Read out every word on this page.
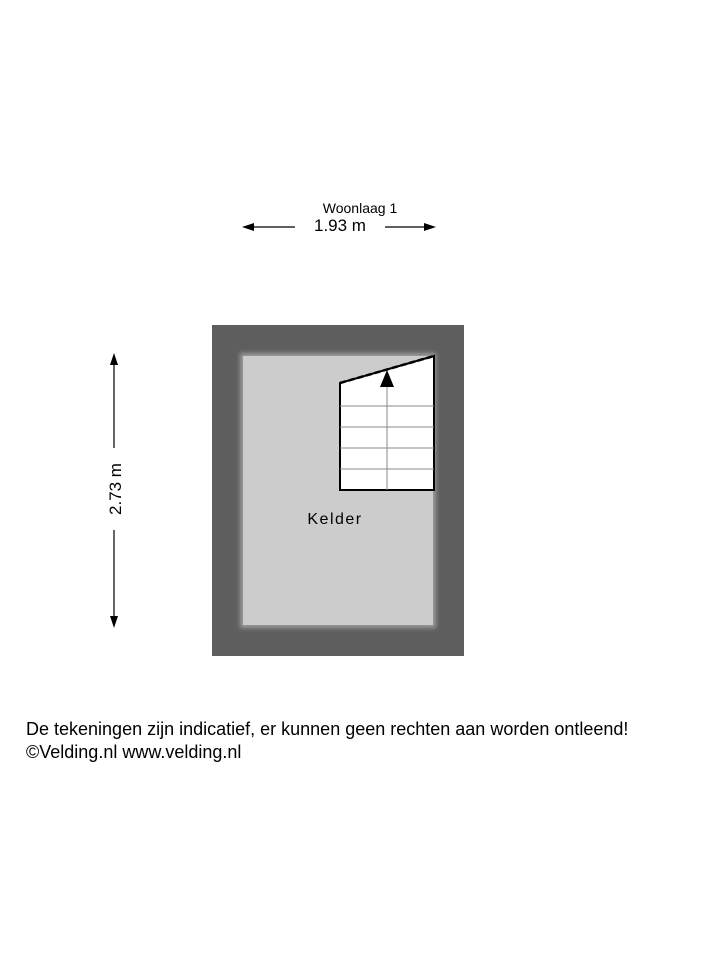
Woonlaag 1
1.93 m
2.73 m
Kelder
De tekeningen zijn indicatief, er kunnen geen rechten aan worden ontleend!
©Velding.nl www.velding.nl
